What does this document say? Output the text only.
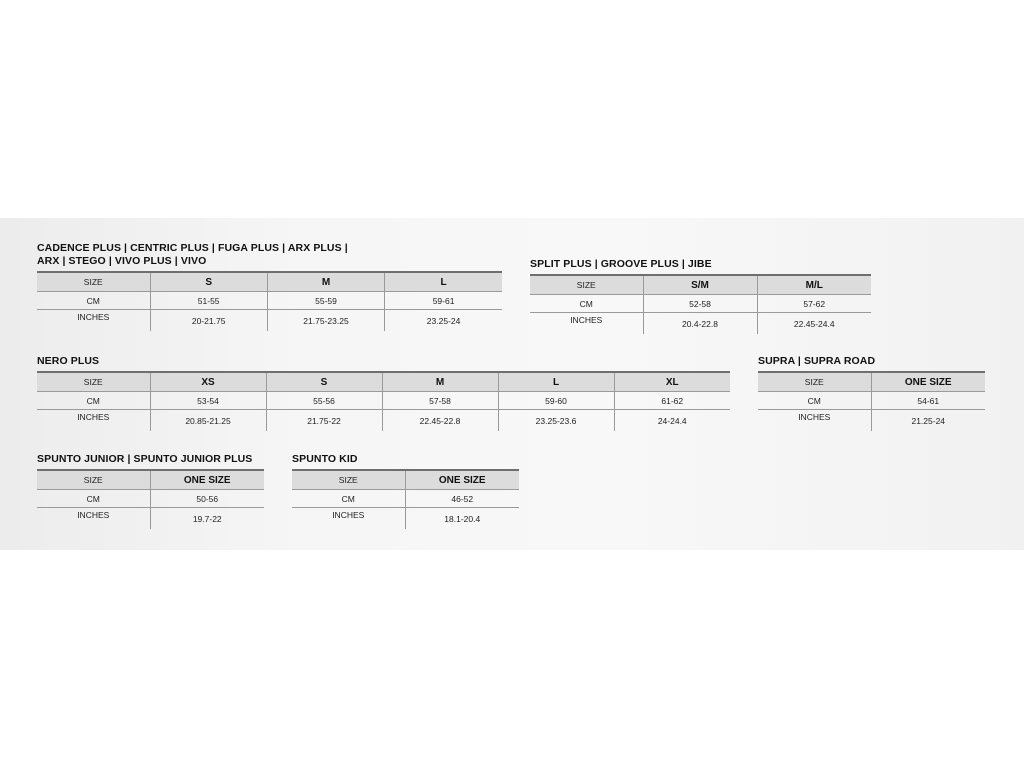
CADENCE PLUS | CENTRIC PLUS | FUGA PLUS | ARX PLUS |
ARX | STEGO | VIVO PLUS | VIVO
SIZE	S	M	L
CM	51-55	55-59	59-61
INCHES	20-21.75	21.75-23.25	23.25-24
SPLIT PLUS | GROOVE PLUS | JIBE
SIZE	S/M	M/L
CM	52-58	57-62
INCHES	20.4-22.8	22.45-24.4
NERO PLUS
SIZE	XS	S	M	L	XL
CM	53-54	55-56	57-58	59-60	61-62
INCHES	20.85-21.25	21.75-22	22.45-22.8	23.25-23.6	24-24.4
SUPRA | SUPRA ROAD
SIZE	ONE SIZE
CM	54-61
INCHES	21.25-24
SPUNTO JUNIOR | SPUNTO JUNIOR PLUS
SIZE	ONE SIZE
CM	50-56
INCHES	19.7-22
SPUNTO KID
SIZE	ONE SIZE
CM	46-52
INCHES	18.1-20.4
